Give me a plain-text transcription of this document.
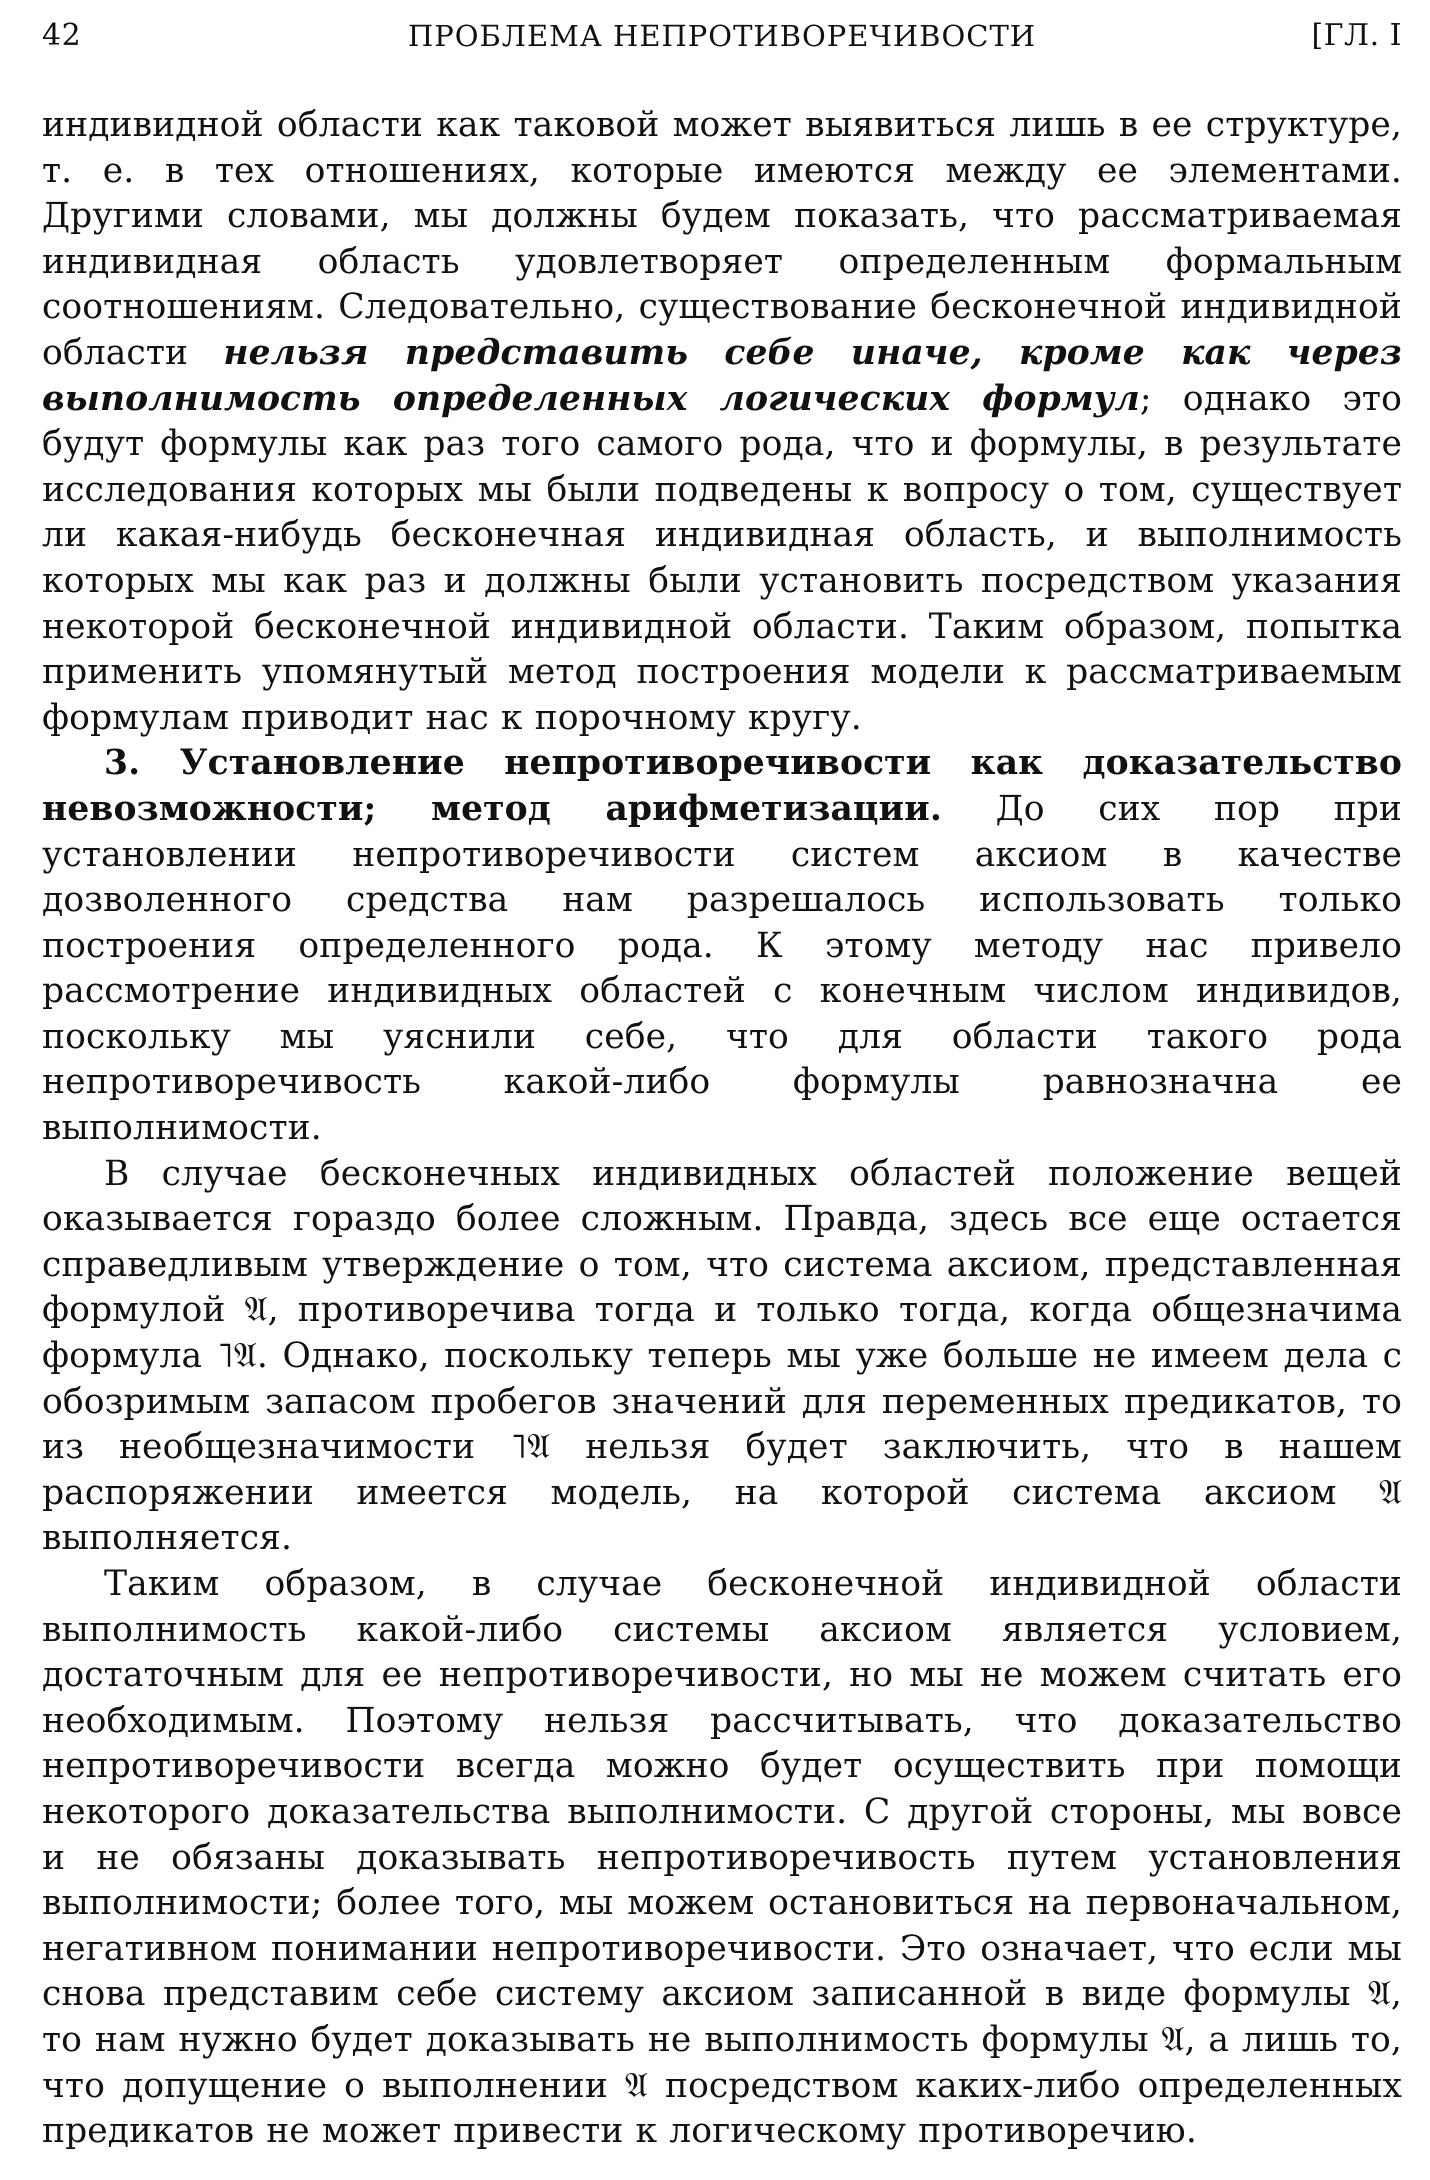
42	ПРОБЛЕМА НЕПРОТИВОРЕЧИВОСТИ	[ГЛ. I

индивидной области как таковой может выявиться лишь в ее структуре, т. е. в тех отношениях, которые имеются между ее элементами. Другими словами, мы должны будем показать, что рассматриваемая индивидная область удовлетворяет определенным формальным соотношениям. Следовательно, существование бесконечной индивидной области нельзя представить себе иначе, кроме как через выполнимость определенных логических формул; однако это будут формулы как раз того самого рода, что и формулы, в результате исследования которых мы были подведены к вопросу о том, существует ли какая-нибудь бесконечная индивидная область, и выполнимость которых мы как раз и должны были установить посредством указания некоторой бесконечной индивидной области. Таким образом, попытка применить упомянутый метод построения модели к рассматриваемым формулам приводит нас к порочному кругу.

3. Установление непротиворечивости как доказательство невозможности; метод арифметизации. До сих пор при установлении непротиворечивости систем аксиом в качестве дозволенного средства нам разрешалось использовать только построения определенного рода. К этому методу нас привело рассмотрение индивидных областей с конечным числом индивидов, поскольку мы уяснили себе, что для области такого рода непротиворечивость какой-либо формулы равнозначна ее выполнимости.

В случае бесконечных индивидных областей положение вещей оказывается гораздо более сложным. Правда, здесь все еще остается справедливым утверждение о том, что система аксиом, представленная формулой 𝔄, противоречива тогда и только тогда, когда общезначима формула ˥𝔄. Однако, поскольку теперь мы уже больше не имеем дела с обозримым запасом пробегов значений для переменных предикатов, то из необщезначимости ˥𝔄 нельзя будет заключить, что в нашем распоряжении имеется модель, на которой система аксиом 𝔄 выполняется.

Таким образом, в случае бесконечной индивидной области выполнимость какой-либо системы аксиом является условием, достаточным для ее непротиворечивости, но мы не можем считать его необходимым. Поэтому нельзя рассчитывать, что доказательство непротиворечивости всегда можно будет осуществить при помощи некоторого доказательства выполнимости. С другой стороны, мы вовсе и не обязаны доказывать непротиворечивость путем установления выполнимости; более того, мы можем остановиться на первоначальном, негативном понимании непротиворечивости. Это означает, что если мы снова представим себе систему аксиом записанной в виде формулы 𝔄, то нам нужно будет доказывать не выполнимость формулы 𝔄, а лишь то, что допущение о выполнении 𝔄 посредством каких-либо определенных предикатов не может привести к логическому противоречию.
